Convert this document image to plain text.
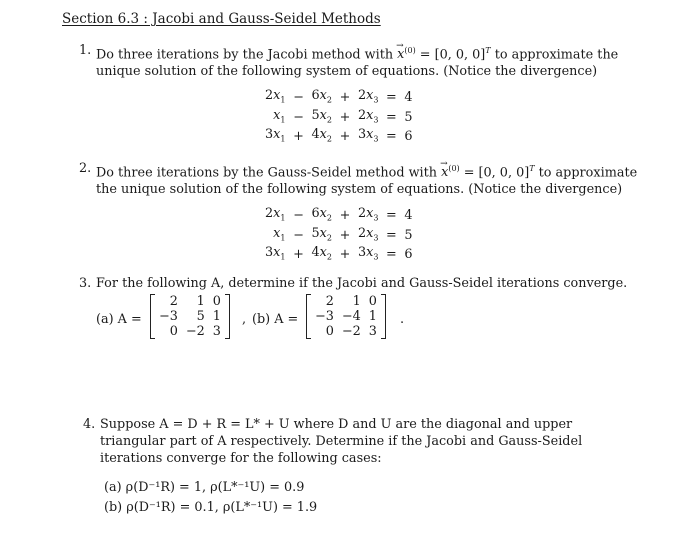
Section 6.3 : Jacobi and Gauss-Seidel Methods
1. Do three iterations by the Jacobi method with → $x^{(0)} = [0$, 0, 0]$^T$ to approximate the unique solution of the following system of equations. (Notice the divergence)
$2x_1$	−	$6x_2$	+	$2x_3$	=	4
$x_1$	−	$5x_2$	+	$2x_3$	=	5
$3x_1$	+	$4x_2$	+	$3x_3$	=	6
2. Do three iterations by the Gauss-Seidel method with → $x^{(0)} = [0$, 0, 0]$^T$ to approximate the unique solution of the following system of equations. (Notice the divergence)
$2x_1$	−	$6x_2$	+	$2x_3$	=	4
$x_1$	−	$5x_2$	+	$2x_3$	=	5
$3x_1$	+	$4x_2$	+	$3x_3$	=	6
3. For the following A, determine if the Jacobi and Gauss-Seidel iterations converge.
(a) A =
2	1	0
−3	5	1
0	−2	3
, (b) A =
2	1	0
−3	−4	1
0	−2	3
.
4. Suppose A = D + R = L* + U where D and U are the diagonal and upper triangular part of A respectively. Determine if the Jacobi and Gauss-Seidel iterations converge for the following cases:
(a) ρ(D⁻¹R) = 1, ρ(L*⁻¹U) = 0.9
(b) ρ(D⁻¹R) = 0.1, ρ(L*⁻¹U) = 1.9
